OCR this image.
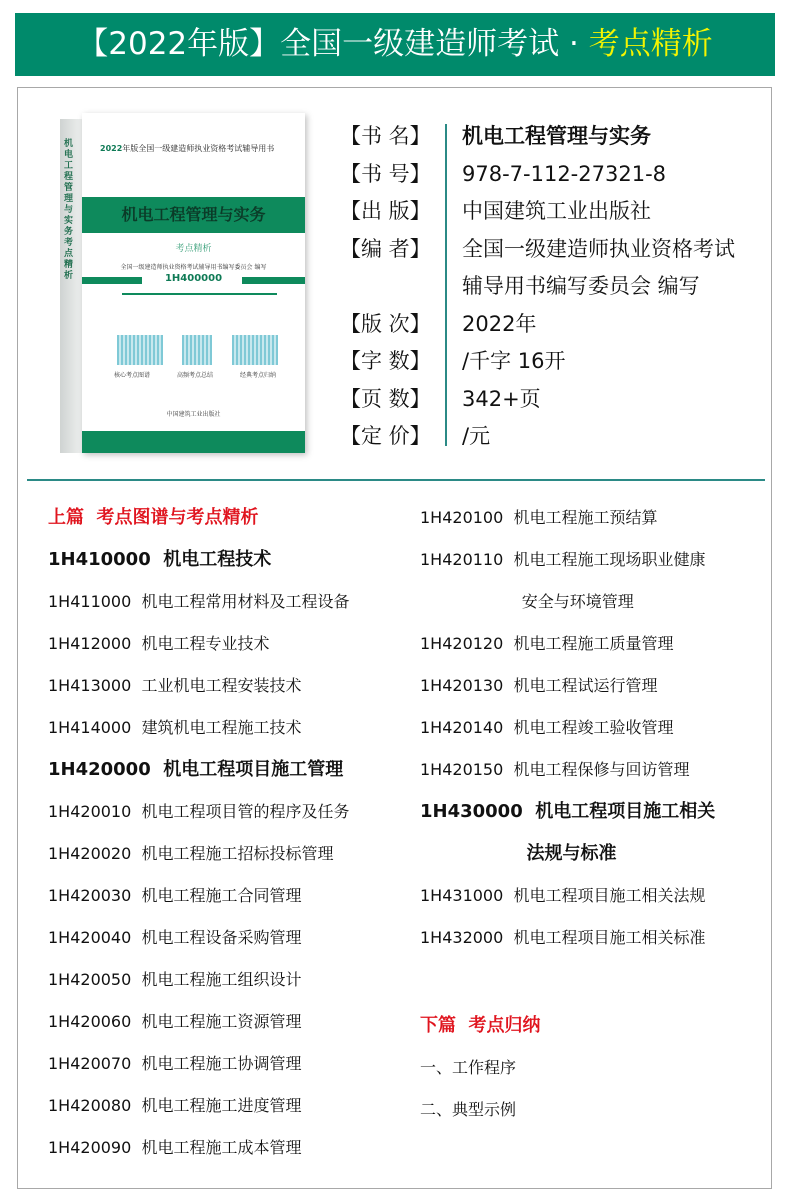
【2022年版】全国一级建造师考试 · 考点精析
机电工程管理与实务考点精析
2022年版全国一级建造师执业资格考试辅导用书
机电工程管理与实务
考点精析
全国一级建造师执业资格考试辅导用书编写委员会 编写
1H400000
核心考点图谱	高频考点总结	经典考点归纳
中国建筑工业出版社
【书 名】	机电工程管理与实务
【书 号】	978-7-112-27321-8
【出 版】	中国建筑工业出版社
【编 者】	全国一级建造师执业资格考试
辅导用书编写委员会 编写
【版 次】	2022年
【字 数】	/千字 16开
【页 数】	342+页
【定 价】	/元
上篇  考点图谱与考点精析
1H410000  机电工程技术
1H411000  机电工程常用材料及工程设备
1H412000  机电工程专业技术
1H413000  工业机电工程安装技术
1H414000  建筑机电工程施工技术
1H420000  机电工程项目施工管理
1H420010  机电工程项目管的程序及任务
1H420020  机电工程施工招标投标管理
1H420030  机电工程施工合同管理
1H420040  机电工程设备采购管理
1H420050  机电工程施工组织设计
1H420060  机电工程施工资源管理
1H420070  机电工程施工协调管理
1H420080  机电工程施工进度管理
1H420090  机电工程施工成本管理
1H420100  机电工程施工预结算
1H420110  机电工程施工现场职业健康
安全与环境管理
1H420120  机电工程施工质量管理
1H420130  机电工程试运行管理
1H420140  机电工程竣工验收管理
1H420150  机电工程保修与回访管理
1H430000  机电工程项目施工相关
法规与标准
1H431000  机电工程项目施工相关法规
1H432000  机电工程项目施工相关标准
下篇  考点归纳
一、工作程序
二、典型示例
